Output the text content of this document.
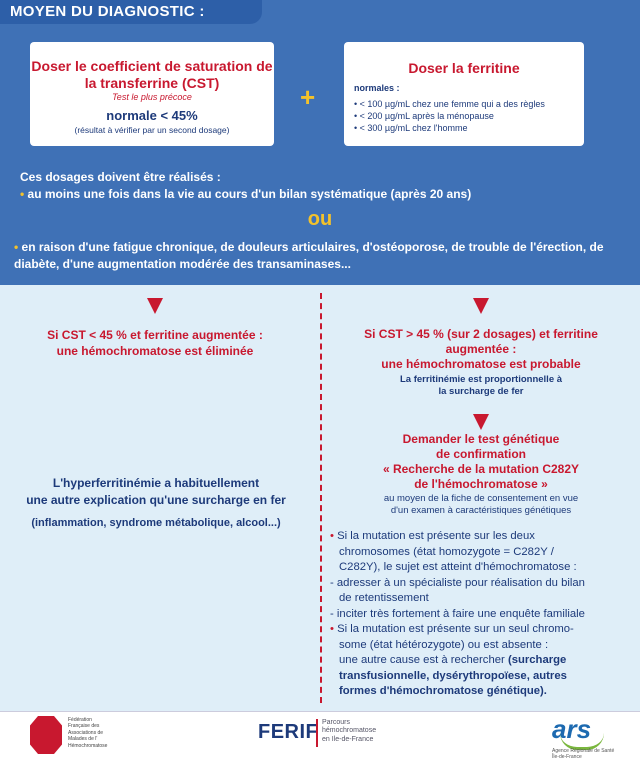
MOYEN DU DIAGNOSTIC :
Doser le coefficient de saturation de la transferrine (CST)
Test le plus précoce
normale < 45%
(résultat à vérifier par un second dosage)
+
Doser la ferritine
normales :
• < 100 µg/mL chez une femme qui a des règles
• < 200 µg/mL après la ménopause
• < 300 µg/mL chez l'homme
Ces dosages doivent être réalisés :
• au moins une fois dans la vie au cours d'un bilan systématique (après 20 ans)
ou
• en raison d'une fatigue chronique, de douleurs articulaires, d'ostéoporose, de trouble de l'érection, de diabète, d'une augmentation modérée des transaminases...
Si CST < 45 % et ferritine augmentée :
une hémochromatose est éliminée
L'hyperferritinémie a habituellement
une autre explication qu'une surcharge en fer
(inflammation, syndrome métabolique, alcool...)
Si CST > 45 % (sur 2 dosages) et ferritine
augmentée :
une hémochromatose est probable
La ferritinémie est proportionnelle à
la surcharge de fer
Demander le test génétique
de confirmation
« Recherche de la mutation C282Y
de l'hémochromatose »
au moyen de la fiche de consentement en vue
d'un examen à caractéristiques génétiques
• Si la mutation est présente sur les deux
chromosomes (état homozygote = C282Y /
C282Y), le sujet est atteint d'hémochromatose :
- adresser à un spécialiste pour réalisation du bilan
de retentissement
- inciter très fortement à faire une enquête familiale
• Si la mutation est présente sur un seul chromo-
some (état hétérozygote) ou est absente :
une autre cause est à rechercher (surcharge
transfusionnelle, dysérythropoïese, autres
formes d'hémochromatose génétique).
Fédération
Française des
Associations de
Malades de l'
Hémochromatose
FERIF Parcours
hémochromatose
en Ile-de-France	ars
Agence Régionale de Santé
Île-de-France
